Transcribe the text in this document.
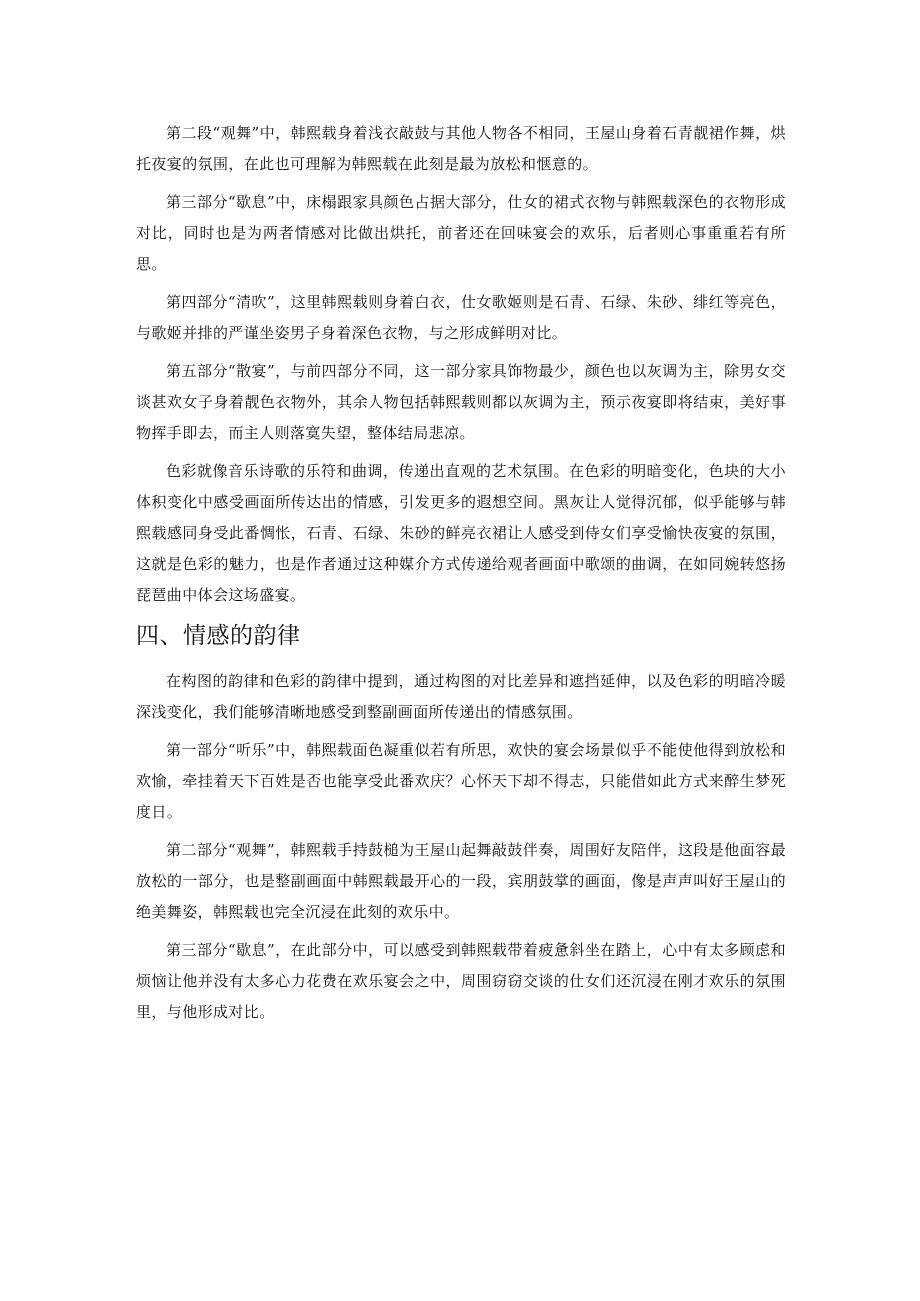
第二段“观舞”中，韩熙载身着浅衣敲鼓与其他人物各不相同，王屋山身着石青靓裙作舞，烘托夜宴的氛围，在此也可理解为韩熙载在此刻是最为放松和惬意的。

第三部分“歇息”中，床榻跟家具颜色占据大部分，仕女的裙式衣物与韩熙载深色的衣物形成对比，同时也是为两者情感对比做出烘托，前者还在回味宴会的欢乐，后者则心事重重若有所思。

第四部分“清吹”，这里韩熙载则身着白衣，仕女歌姬则是石青、石绿、朱砂、绯红等亮色，与歌姬并排的严谨坐姿男子身着深色衣物，与之形成鲜明对比。

第五部分“散宴”，与前四部分不同，这一部分家具饰物最少，颜色也以灰调为主，除男女交谈甚欢女子身着靓色衣物外，其余人物包括韩熙载则都以灰调为主，预示夜宴即将结束，美好事物挥手即去，而主人则落寞失望，整体结局悲凉。

色彩就像音乐诗歌的乐符和曲调，传递出直观的艺术氛围。在色彩的明暗变化，色块的大小体积变化中感受画面所传达出的情感，引发更多的遐想空间。黑灰让人觉得沉郁，似乎能够与韩熙载感同身受此番惆怅，石青、石绿、朱砂的鲜亮衣裙让人感受到侍女们享受愉快夜宴的氛围，这就是色彩的魅力，也是作者通过这种媒介方式传递给观者画面中歌颂的曲调，在如同婉转悠扬琵琶曲中体会这场盛宴。

四、情感的韵律

在构图的韵律和色彩的韵律中提到，通过构图的对比差异和遮挡延伸，以及色彩的明暗冷暖深浅变化，我们能够清晰地感受到整副画面所传递出的情感氛围。

第一部分“听乐”中，韩熙载面色凝重似若有所思，欢快的宴会场景似乎不能使他得到放松和欢愉，牵挂着天下百姓是否也能享受此番欢庆？心怀天下却不得志，只能借如此方式来醉生梦死度日。

第二部分“观舞”，韩熙载手持鼓槌为王屋山起舞敲鼓伴奏，周围好友陪伴，这段是他面容最放松的一部分，也是整副画面中韩熙载最开心的一段，宾朋鼓掌的画面，像是声声叫好王屋山的绝美舞姿，韩熙载也完全沉浸在此刻的欢乐中。

第三部分“歇息”，在此部分中，可以感受到韩熙载带着疲惫斜坐在踏上，心中有太多顾虑和烦恼让他并没有太多心力花费在欢乐宴会之中，周围窃窃交谈的仕女们还沉浸在刚才欢乐的氛围里，与他形成对比。
